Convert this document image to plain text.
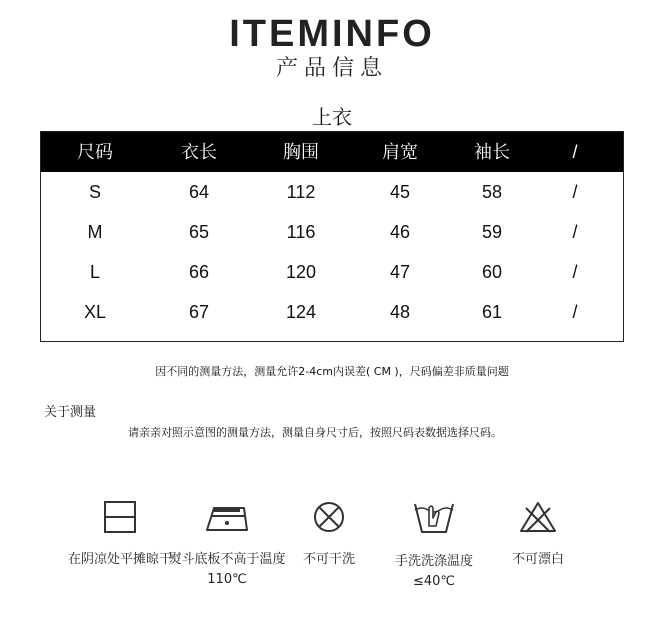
ITEMINFO
产品信息
上衣
尺码	衣长	胸围	肩宽	袖长	/
S	64	112	45	58	/
M	65	116	46	59	/
L	66	120	47	60	/
XL	67	124	48	61	/
因不同的测量方法，测量允许2-4cm内误差( CM )，尺码偏差非质量问题
关于测量
请亲亲对照示意图的测量方法，测量自身尺寸后，按照尺码表数据选择尺码。
在阴凉处平摊晾干
熨斗底板不高于温度110℃
不可干洗	手洗洗涤温度≤40℃
不可漂白
